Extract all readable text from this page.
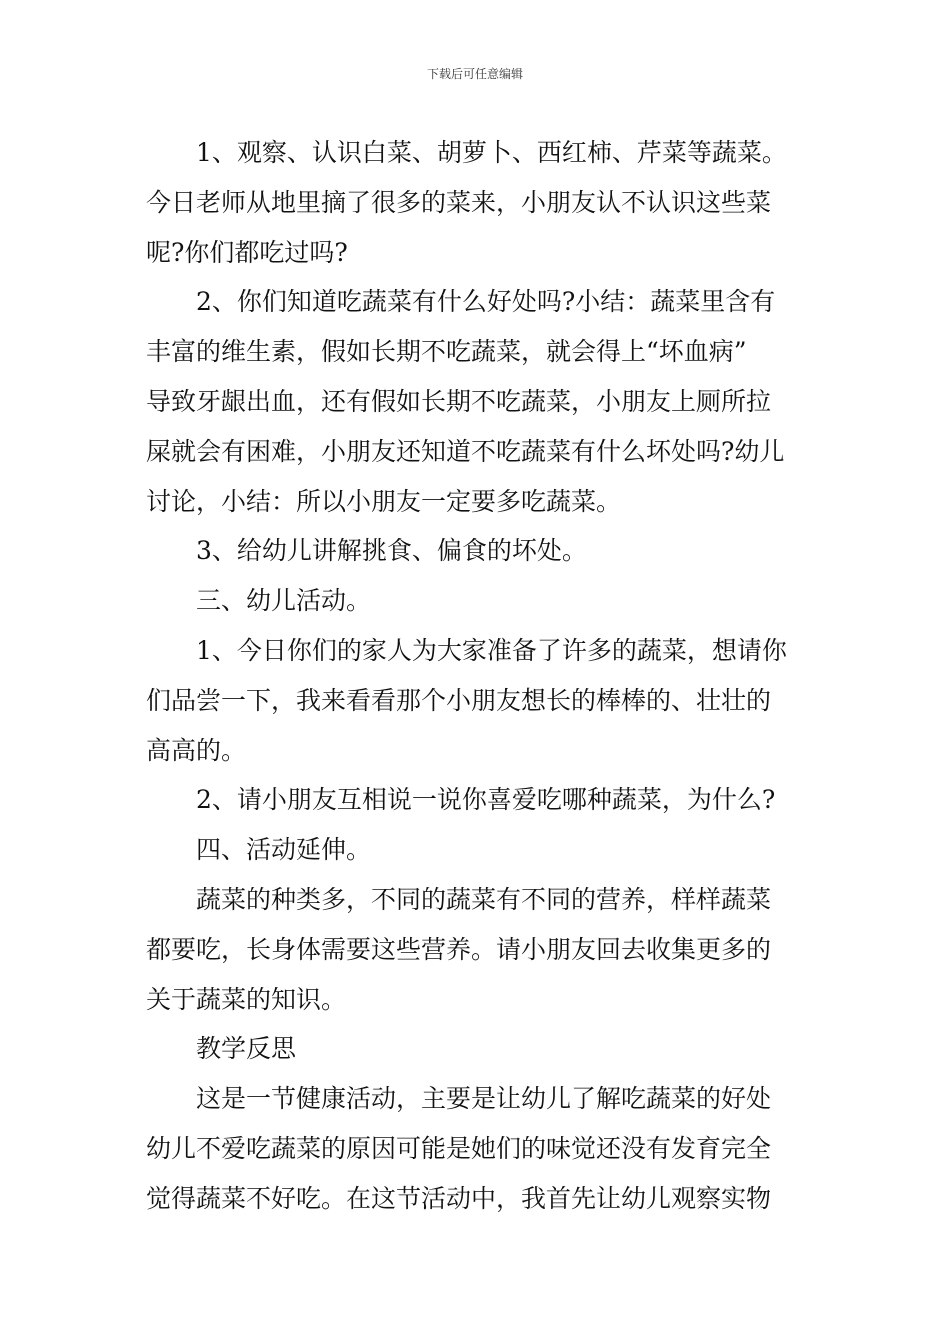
下载后可任意编辑
1、观察、认识白菜、胡萝卜、西红柿、芹菜等蔬菜。
今日老师从地里摘了很多的菜来，小朋友认不认识这些菜
呢?你们都吃过吗?
2、你们知道吃蔬菜有什么好处吗?小结：蔬菜里含有
丰富的维生素，假如长期不吃蔬菜，就会得上“坏血病”
导致牙龈出血，还有假如长期不吃蔬菜，小朋友上厕所拉
屎就会有困难，小朋友还知道不吃蔬菜有什么坏处吗?幼儿
讨论，小结：所以小朋友一定要多吃蔬菜。
3、给幼儿讲解挑食、偏食的坏处。
三、幼儿活动。
1、今日你们的家人为大家准备了许多的蔬菜，想请你
们品尝一下，我来看看那个小朋友想长的棒棒的、壮壮的
高高的。
2、请小朋友互相说一说你喜爱吃哪种蔬菜，为什么?
四、活动延伸。
蔬菜的种类多，不同的蔬菜有不同的营养，样样蔬菜
都要吃，长身体需要这些营养。请小朋友回去收集更多的
关于蔬菜的知识。
教学反思
这是一节健康活动，主要是让幼儿了解吃蔬菜的好处
幼儿不爱吃蔬菜的原因可能是她们的味觉还没有发育完全
觉得蔬菜不好吃。在这节活动中，我首先让幼儿观察实物
